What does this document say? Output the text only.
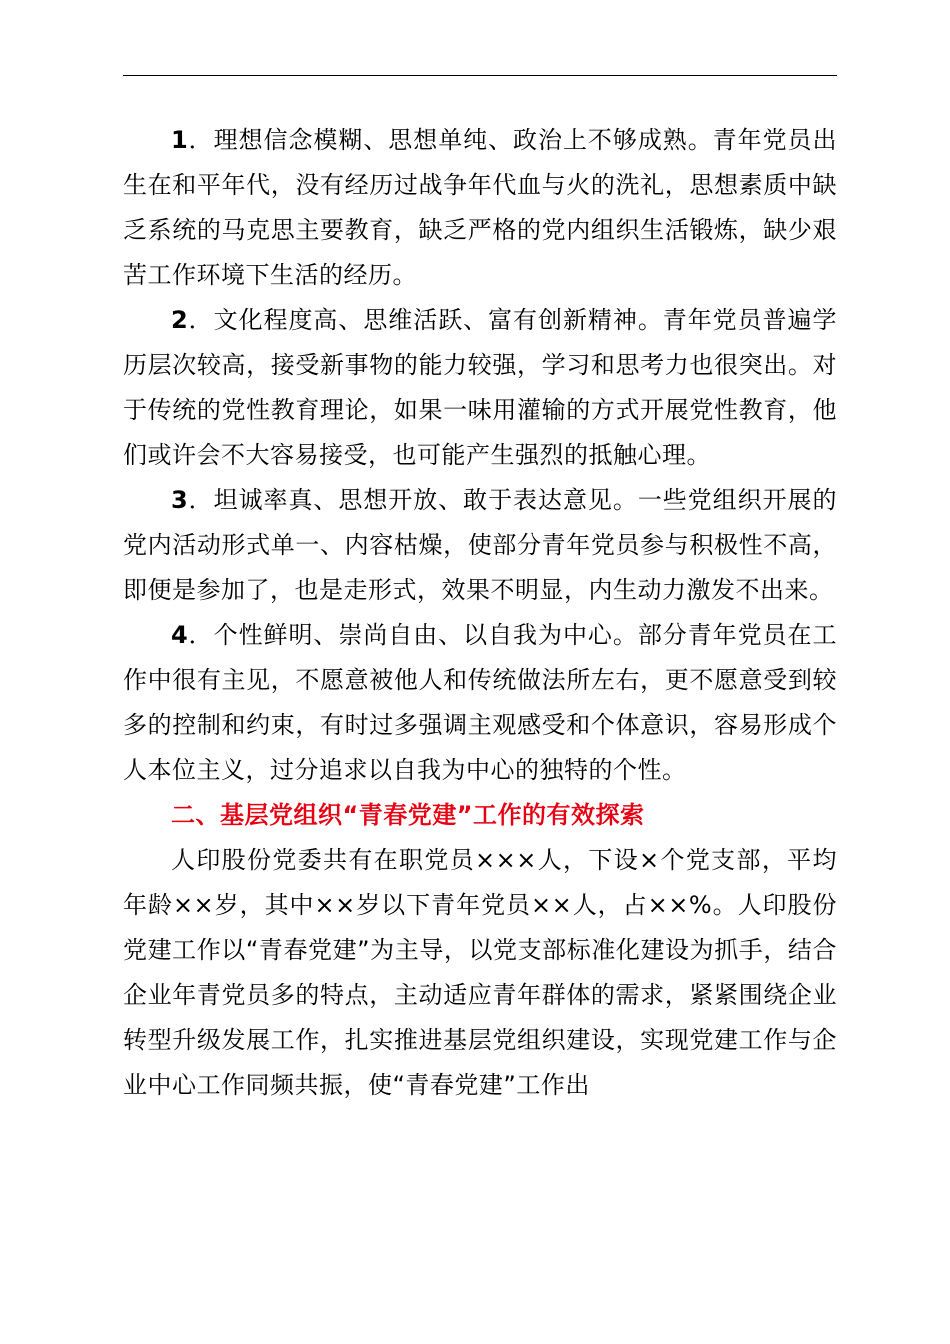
1．理想信念模糊、思想单纯、政治上不够成熟。青年党员出生在和平年代，没有经历过战争年代血与火的洗礼，思想素质中缺乏系统的马克思主要教育，缺乏严格的党内组织生活锻炼，缺少艰苦工作环境下生活的经历。

2．文化程度高、思维活跃、富有创新精神。青年党员普遍学历层次较高，接受新事物的能力较强，学习和思考力也很突出。对于传统的党性教育理论，如果一味用灌输的方式开展党性教育，他们或许会不大容易接受，也可能产生强烈的抵触心理。

3．坦诚率真、思想开放、敢于表达意见。一些党组织开展的党内活动形式单一、内容枯燥，使部分青年党员参与积极性不高，即便是参加了，也是走形式，效果不明显，内生动力激发不出来。

4．个性鲜明、崇尚自由、以自我为中心。部分青年党员在工作中很有主见，不愿意被他人和传统做法所左右，更不愿意受到较多的控制和约束，有时过多强调主观感受和个体意识，容易形成个人本位主义，过分追求以自我为中心的独特的个性。

二、基层党组织“青春党建”工作的有效探索

人印股份党委共有在职党员×××人，下设×个党支部，平均年龄××岁，其中××岁以下青年党员××人，占××%。人印股份党建工作以“青春党建”为主导，以党支部标准化建设为抓手，结合企业年青党员多的特点，主动适应青年群体的需求，紧紧围绕企业转型升级发展工作，扎实推进基层党组织建设，实现党建工作与企业中心工作同频共振，使“青春党建”工作出
